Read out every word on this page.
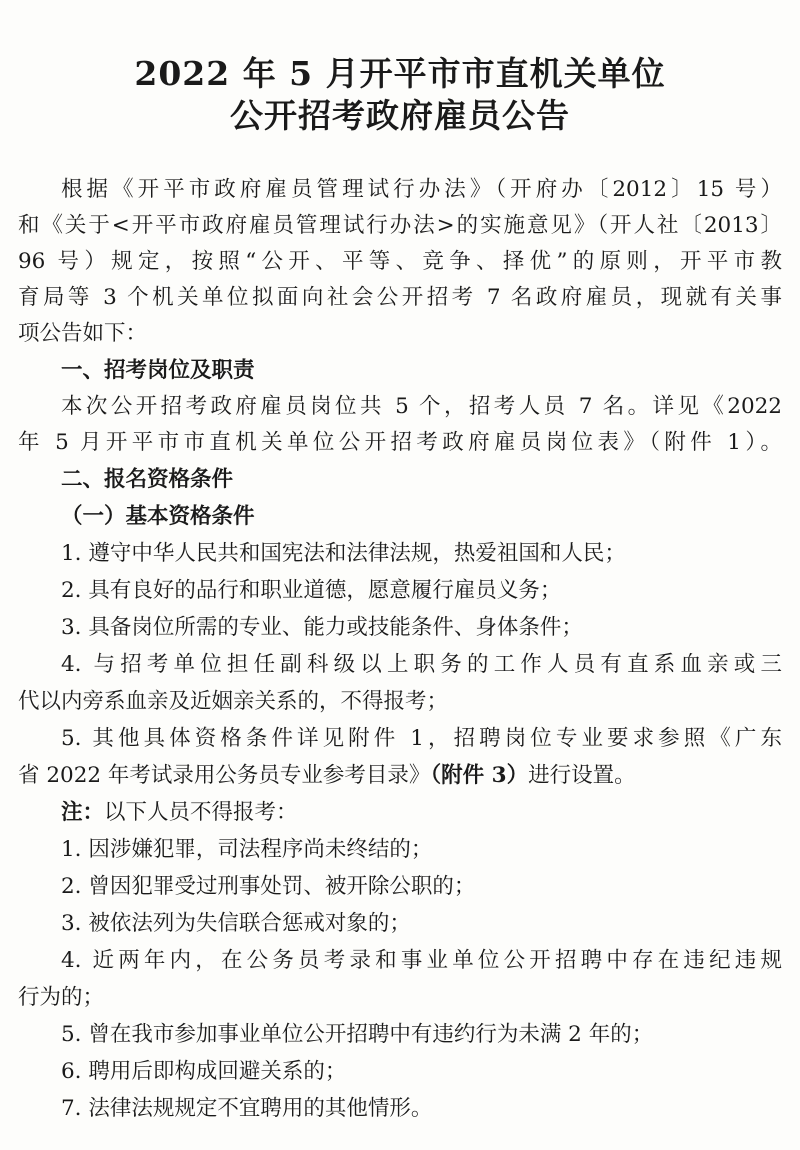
2022 年 5 月开平市市直机关单位
公开招考政府雇员公告
根据《开平市政府雇员管理试行办法》（开府办〔2012〕15 号）
和《关于<开平市政府雇员管理试行办法>的实施意见》（开人社〔2013〕
96 号）规定，按照“公开、平等、竞争、择优”的原则，开平市教
育局等 3 个机关单位拟面向社会公开招考 7 名政府雇员，现就有关事
项公告如下：
一、招考岗位及职责
本次公开招考政府雇员岗位共 5 个，招考人员 7 名。详见《2022
年 5 月开平市市直机关单位公开招考政府雇员岗位表》（附件 1）。
二、报名资格条件
（一）基本资格条件
1. 遵守中华人民共和国宪法和法律法规，热爱祖国和人民；
2. 具有良好的品行和职业道德，愿意履行雇员义务；
3. 具备岗位所需的专业、能力或技能条件、身体条件；
4. 与招考单位担任副科级以上职务的工作人员有直系血亲或三
代以内旁系血亲及近姻亲关系的，不得报考；
5. 其他具体资格条件详见附件 1，招聘岗位专业要求参照《广东
省 2022 年考试录用公务员专业参考目录》（附件 3）进行设置。
注：以下人员不得报考：
1. 因涉嫌犯罪，司法程序尚未终结的；
2. 曾因犯罪受过刑事处罚、被开除公职的；
3. 被依法列为失信联合惩戒对象的；
4. 近两年内，在公务员考录和事业单位公开招聘中存在违纪违规
行为的；
5. 曾在我市参加事业单位公开招聘中有违约行为未满 2 年的；
6. 聘用后即构成回避关系的；
7. 法律法规规定不宜聘用的其他情形。
